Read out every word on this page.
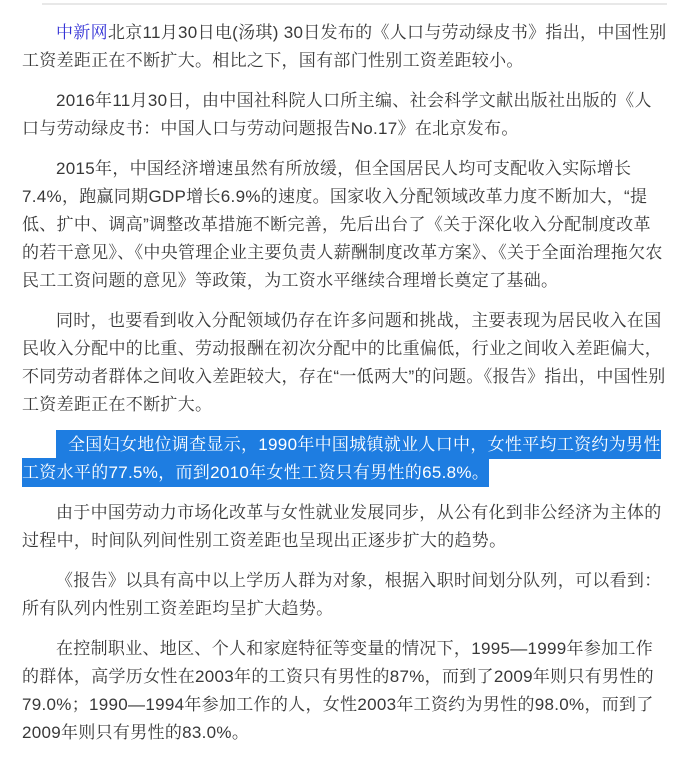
中新网北京11月30日电(汤琪) 30日发布的《人口与劳动绿皮书》指出，中国性别工资差距正在不断扩大。相比之下，国有部门性别工资差距较小。

2016年11月30日，由中国社科院人口所主编、社会科学文献出版社出版的《人口与劳动绿皮书：中国人口与劳动问题报告No.17》在北京发布。

2015年，中国经济增速虽然有所放缓，但全国居民人均可支配收入实际增长7.4%，跑赢同期GDP增长6.9%的速度。国家收入分配领域改革力度不断加大，“提低、扩中、调高”调整改革措施不断完善，先后出台了《关于深化收入分配制度改革的若干意见》、《中央管理企业主要负责人薪酬制度改革方案》、《关于全面治理拖欠农民工工资问题的意见》等政策，为工资水平继续合理增长奠定了基础。

同时，也要看到收入分配领域仍存在许多问题和挑战，主要表现为居民收入在国民收入分配中的比重、劳动报酬在初次分配中的比重偏低，行业之间收入差距偏大，不同劳动者群体之间收入差距较大，存在“一低两大”的问题。《报告》指出，中国性别工资差距正在不断扩大。

全国妇女地位调查显示，1990年中国城镇就业人口中，女性平均工资约为男性工资水平的77.5%，而到2010年女性工资只有男性的65.8%。

由于中国劳动力市场化改革与女性就业发展同步，从公有化到非公经济为主体的过程中，时间队列间性别工资差距也呈现出正逐步扩大的趋势。

《报告》以具有高中以上学历人群为对象，根据入职时间划分队列，可以看到：所有队列内性别工资差距均呈扩大趋势。

在控制职业、地区、个人和家庭特征等变量的情况下，1995—1999年参加工作的群体，高学历女性在2003年的工资只有男性的87%，而到了2009年则只有男性的79.0%；1990—1994年参加工作的人，女性2003年工资约为男性的98.0%，而到了2009年则只有男性的83.0%。
